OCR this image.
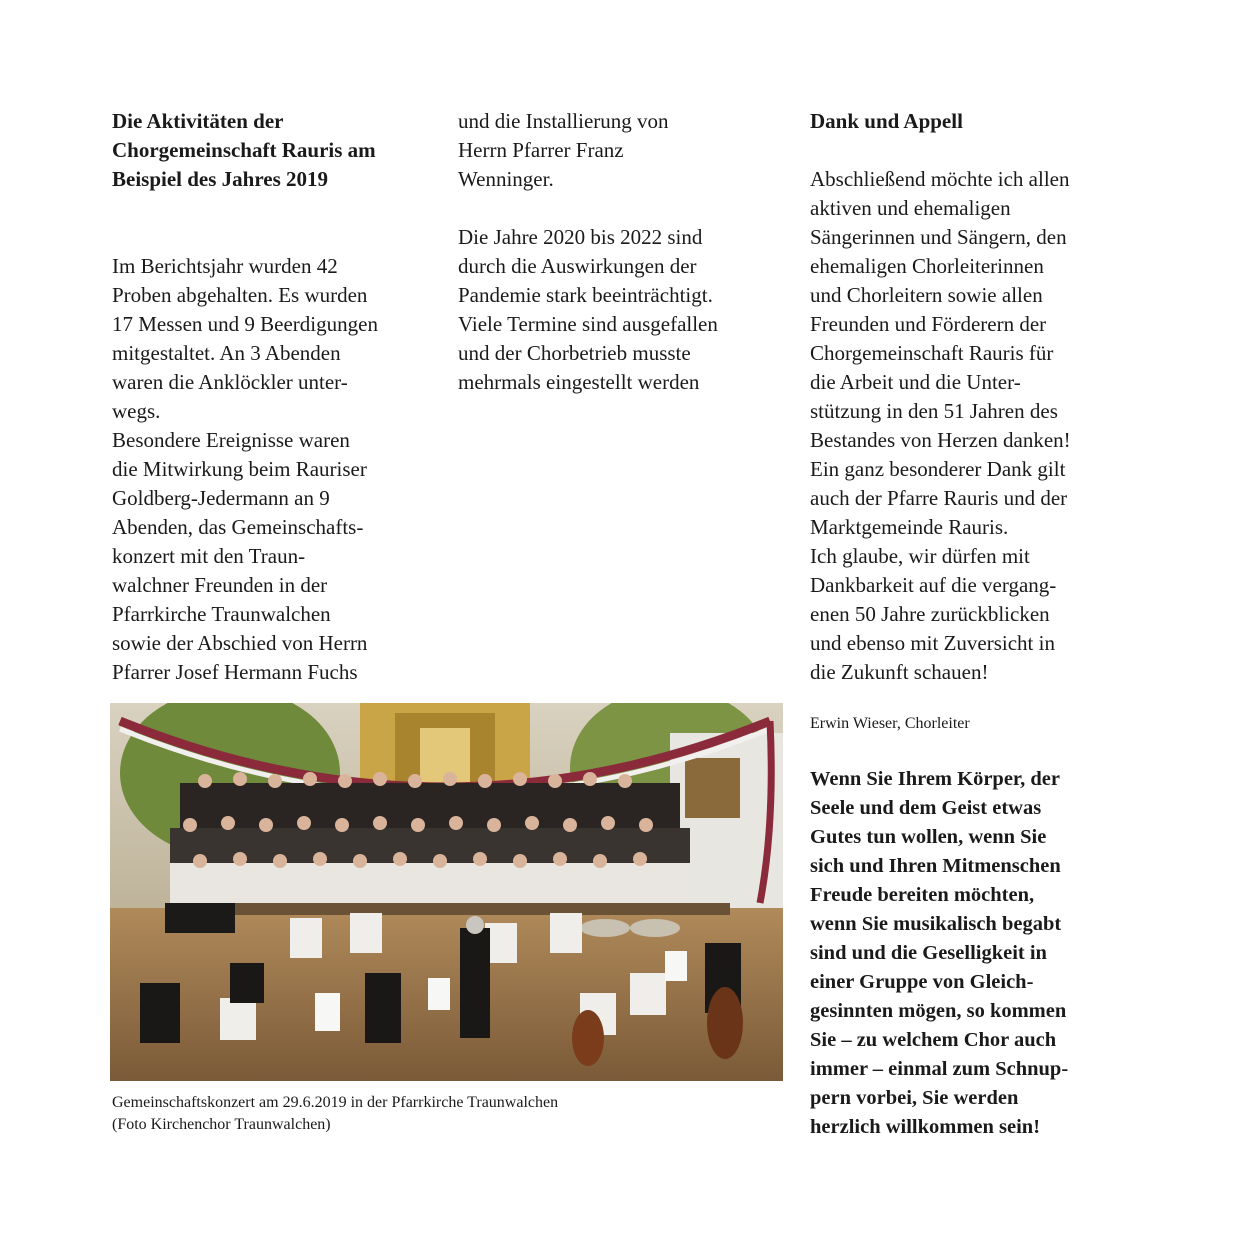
Die Aktivitäten der
Chorgemeinschaft Rauris am
Beispiel des Jahres 2019

Im Berichtsjahr wurden 42
Proben abgehalten. Es wurden
17 Messen und 9 Beerdigungen
mitgestaltet. An 3 Abenden
waren die Anklöckler unter-
wegs.
Besondere Ereignisse waren
die Mitwirkung beim Rauriser
Goldberg-Jedermann an 9
Abenden, das Gemeinschafts-
konzert mit den Traun-
walchner Freunden in der
Pfarrkirche Traunwalchen
sowie der Abschied von Herrn
Pfarrer Josef Hermann Fuchs

und die Installierung von
Herrn Pfarrer Franz
Wenninger.

Die Jahre 2020 bis 2022 sind
durch die Auswirkungen der
Pandemie stark beeinträchtigt.
Viele Termine sind ausgefallen
und der Chorbetrieb musste
mehrmals eingestellt werden

Dank und Appell

Abschließend möchte ich allen
aktiven und ehemaligen
Sängerinnen und Sängern, den
ehemaligen Chorleiterinnen
und Chorleitern sowie allen
Freunden und Förderern der
Chorgemeinschaft Rauris für
die Arbeit und die Unter-
stützung in den 51 Jahren des
Bestandes von Herzen danken!
Ein ganz besonderer Dank gilt
auch der Pfarre Rauris und der
Marktgemeinde Rauris.
Ich glaube, wir dürfen mit
Dankbarkeit auf die vergang-
enen 50 Jahre zurückblicken
und ebenso mit Zuversicht in
die Zukunft schauen!

Erwin Wieser, Chorleiter

Wenn Sie Ihrem Körper, der
Seele und dem Geist etwas
Gutes tun wollen, wenn Sie
sich und Ihren Mitmenschen
Freude bereiten möchten,
wenn Sie musikalisch begabt
sind und die Geselligkeit in
einer Gruppe von Gleich-
gesinnten mögen, so kommen
Sie – zu welchem Chor auch
immer – einmal zum Schnup-
pern vorbei, Sie werden
herzlich willkommen sein!

Gemeinschaftskonzert am 29.6.2019 in der Pfarrkirche Traunwalchen
(Foto Kirchenchor Traunwalchen)
